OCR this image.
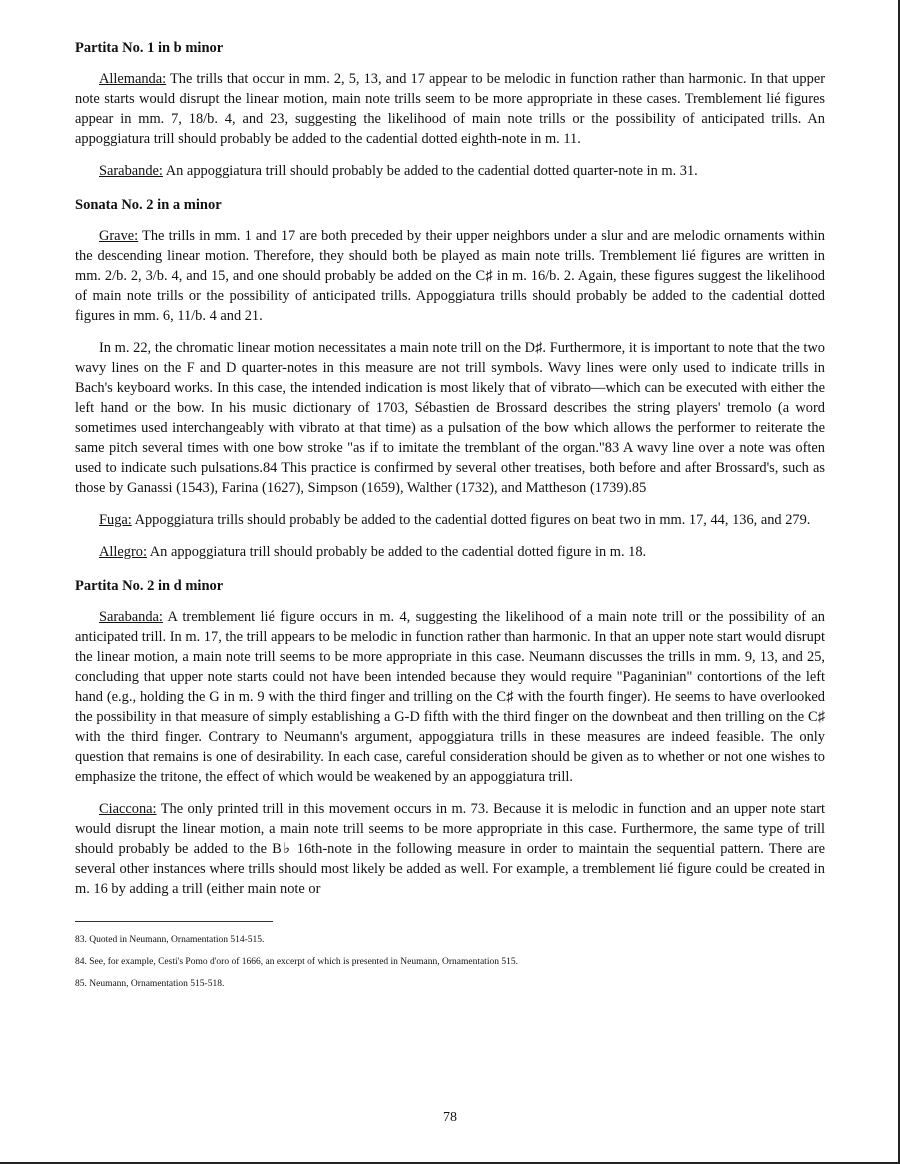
Partita No. 1 in b minor

Allemanda: The trills that occur in mm. 2, 5, 13, and 17 appear to be melodic in function rather than harmonic. In that upper note starts would disrupt the linear motion, main note trills seem to be more appropriate in these cases. Tremblement lié figures appear in mm. 7, 18/b. 4, and 23, suggesting the likelihood of main note trills or the possibility of anticipated trills. An appoggiatura trill should probably be added to the cadential dotted eighth-note in m. 11.

Sarabande: An appoggiatura trill should probably be added to the cadential dotted quarter-note in m. 31.

Sonata No. 2 in a minor

Grave: The trills in mm. 1 and 17 are both preceded by their upper neighbors under a slur and are melodic ornaments within the descending linear motion. Therefore, they should both be played as main note trills. Tremblement lié figures are written in mm. 2/b. 2, 3/b. 4, and 15, and one should probably be added on the C♯ in m. 16/b. 2. Again, these figures suggest the likelihood of main note trills or the possibility of anticipated trills. Appoggiatura trills should probably be added to the cadential dotted figures in mm. 6, 11/b. 4 and 21.

In m. 22, the chromatic linear motion necessitates a main note trill on the D♯. Furthermore, it is important to note that the two wavy lines on the F and D quarter-notes in this measure are not trill symbols. Wavy lines were only used to indicate trills in Bach's keyboard works. In this case, the intended indication is most likely that of vibrato—which can be executed with either the left hand or the bow. In his music dictionary of 1703, Sébastien de Brossard describes the string players' tremolo (a word sometimes used interchangeably with vibrato at that time) as a pulsation of the bow which allows the performer to reiterate the same pitch several times with one bow stroke "as if to imitate the tremblant of the organ."83 A wavy line over a note was often used to indicate such pulsations.84 This practice is confirmed by several other treatises, both before and after Brossard's, such as those by Ganassi (1543), Farina (1627), Simpson (1659), Walther (1732), and Mattheson (1739).85

Fuga: Appoggiatura trills should probably be added to the cadential dotted figures on beat two in mm. 17, 44, 136, and 279.

Allegro: An appoggiatura trill should probably be added to the cadential dotted figure in m. 18.

Partita No. 2 in d minor

Sarabanda: A tremblement lié figure occurs in m. 4, suggesting the likelihood of a main note trill or the possibility of an anticipated trill. In m. 17, the trill appears to be melodic in function rather than harmonic. In that an upper note start would disrupt the linear motion, a main note trill seems to be more appropriate in this case. Neumann discusses the trills in mm. 9, 13, and 25, concluding that upper note starts could not have been intended because they would require "Paganinian" contortions of the left hand (e.g., holding the G in m. 9 with the third finger and trilling on the C♯ with the fourth finger). He seems to have overlooked the possibility in that measure of simply establishing a G-D fifth with the third finger on the downbeat and then trilling on the C♯ with the third finger. Contrary to Neumann's argument, appoggiatura trills in these measures are indeed feasible. The only question that remains is one of desirability. In each case, careful consideration should be given as to whether or not one wishes to emphasize the tritone, the effect of which would be weakened by an appoggiatura trill.

Ciaccona: The only printed trill in this movement occurs in m. 73. Because it is melodic in function and an upper note start would disrupt the linear motion, a main note trill seems to be more appropriate in this case. Furthermore, the same type of trill should probably be added to the B♭ 16th-note in the following measure in order to maintain the sequential pattern. There are several other instances where trills should most likely be added as well. For example, a tremblement lié figure could be created in m. 16 by adding a trill (either main note or

83. Quoted in Neumann, Ornamentation 514-515.

84. See, for example, Cesti's Pomo d'oro of 1666, an excerpt of which is presented in Neumann, Ornamentation 515.

85. Neumann, Ornamentation 515-518.

78
